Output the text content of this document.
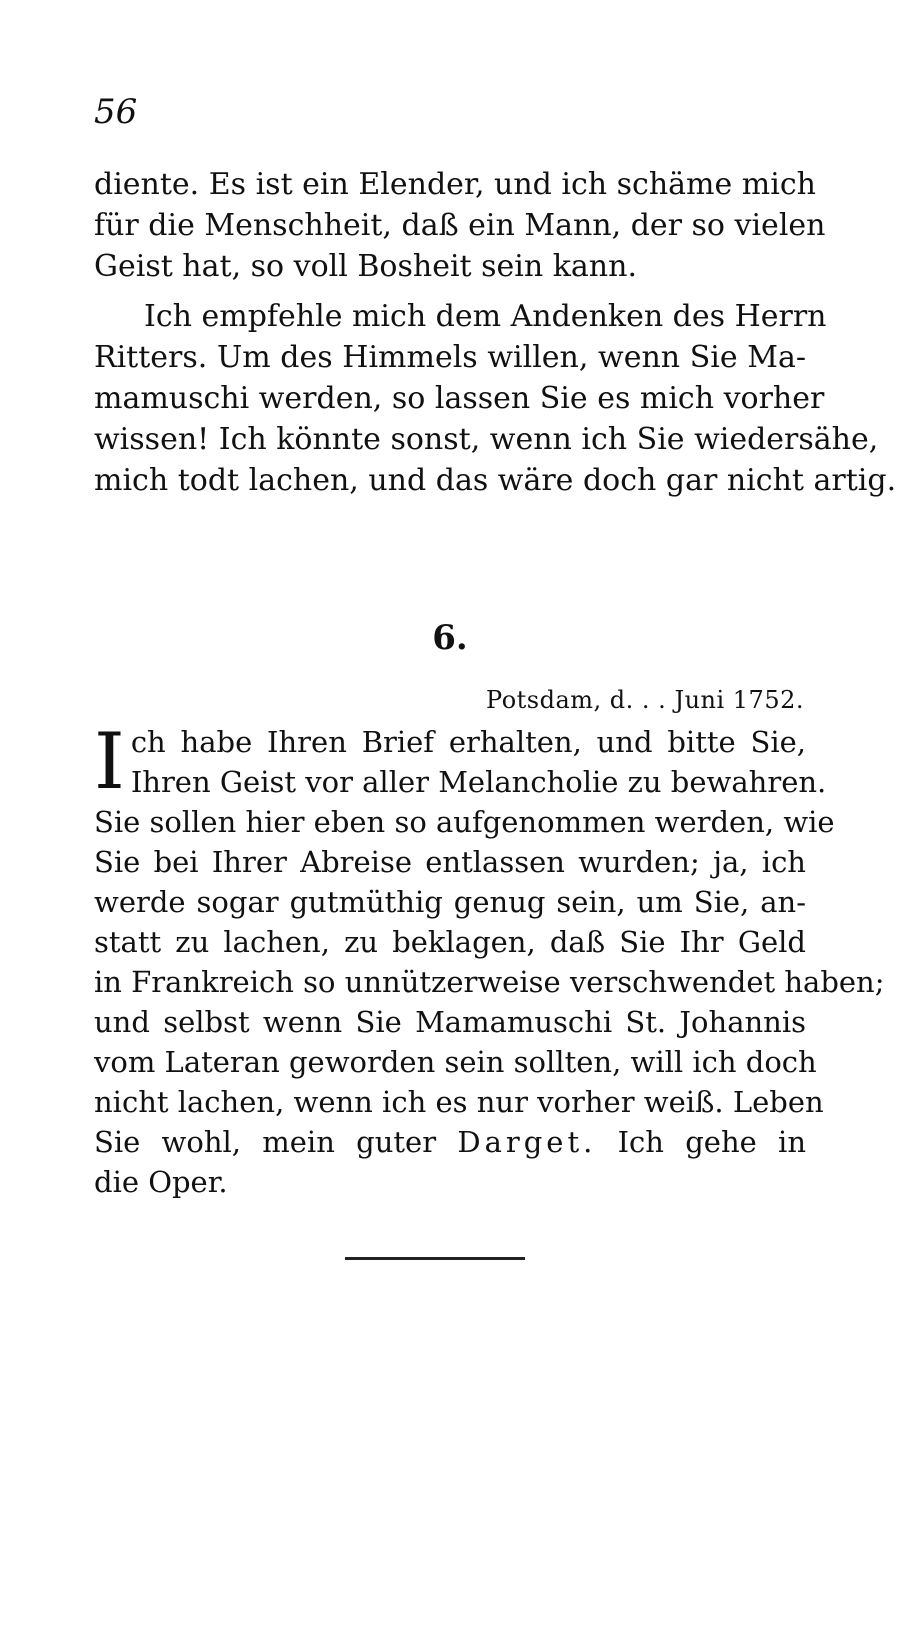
56
diente. Es ist ein Elender, und ich schäme mich
für die Menschheit, daß ein Mann, der so vielen
Geist hat, so voll Bosheit sein kann.
Ich empfehle mich dem Andenken des Herrn
Ritters. Um des Himmels willen, wenn Sie Ma-
mamuschi werden, so lassen Sie es mich vorher
wissen! Ich könnte sonst, wenn ich Sie wiedersähe,
mich todt lachen, und das wäre doch gar nicht artig.
6.
Potsdam, d. . . Juni 1752.
I ch habe Ihren Brief erhalten, und bitte Sie,
Ihren Geist vor aller Melancholie zu bewahren.
Sie sollen hier eben so aufgenommen werden, wie
Sie bei Ihrer Abreise entlassen wurden; ja, ich
werde sogar gutmüthig genug sein, um Sie, an-
statt zu lachen, zu beklagen, daß Sie Ihr Geld
in Frankreich so unnützerweise verschwendet haben;
und selbst wenn Sie Mamamuschi St. Johannis
vom Lateran geworden sein sollten, will ich doch
nicht lachen, wenn ich es nur vorher weiß. Leben
Sie wohl, mein guter Darget. Ich gehe in
die Oper.
